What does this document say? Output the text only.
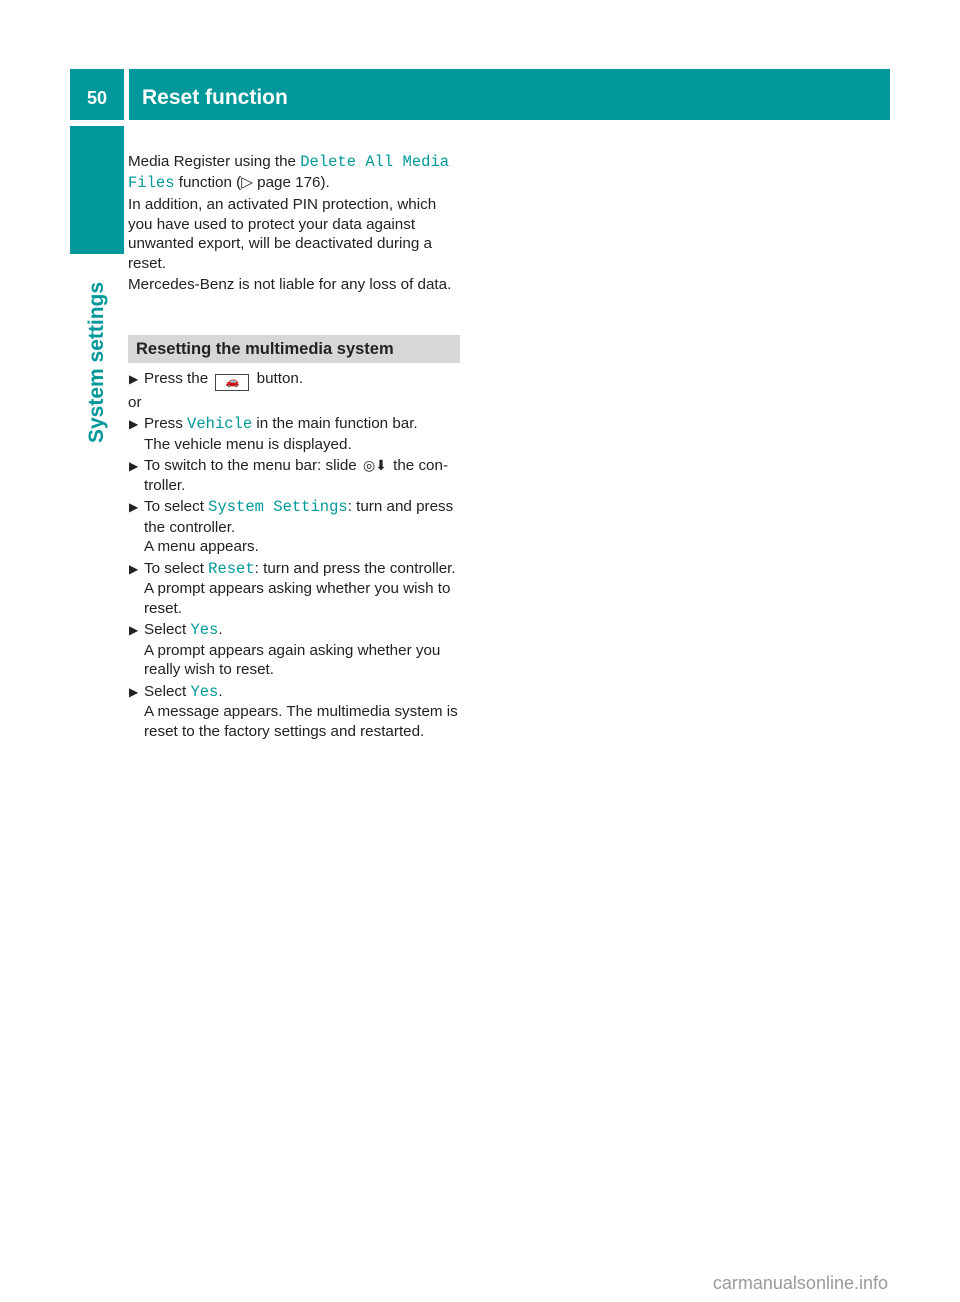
50	Reset function
System settings

Media Register using the Delete All Media Files function (▷ page 176).

In addition, an activated PIN protection, which you have used to protect your data against unwanted export, will be deactivated during a reset.

Mercedes-Benz is not liable for any loss of data.

Resetting the multimedia system
▶ Press the 🚗 button.

or

▶ Press Vehicle in the main function bar.
The vehicle menu is displayed.
▶ To switch to the menu bar: slide ◎⬇ the con-troller.
▶ To select System Settings: turn and press the controller.
A menu appears.
▶ To select Reset: turn and press the controller.
A prompt appears asking whether you wish to reset.
▶ Select Yes.
A prompt appears again asking whether you really wish to reset.
▶ Select Yes.
A message appears. The multimedia system is reset to the factory settings and restarted.
carmanualsonline.info
